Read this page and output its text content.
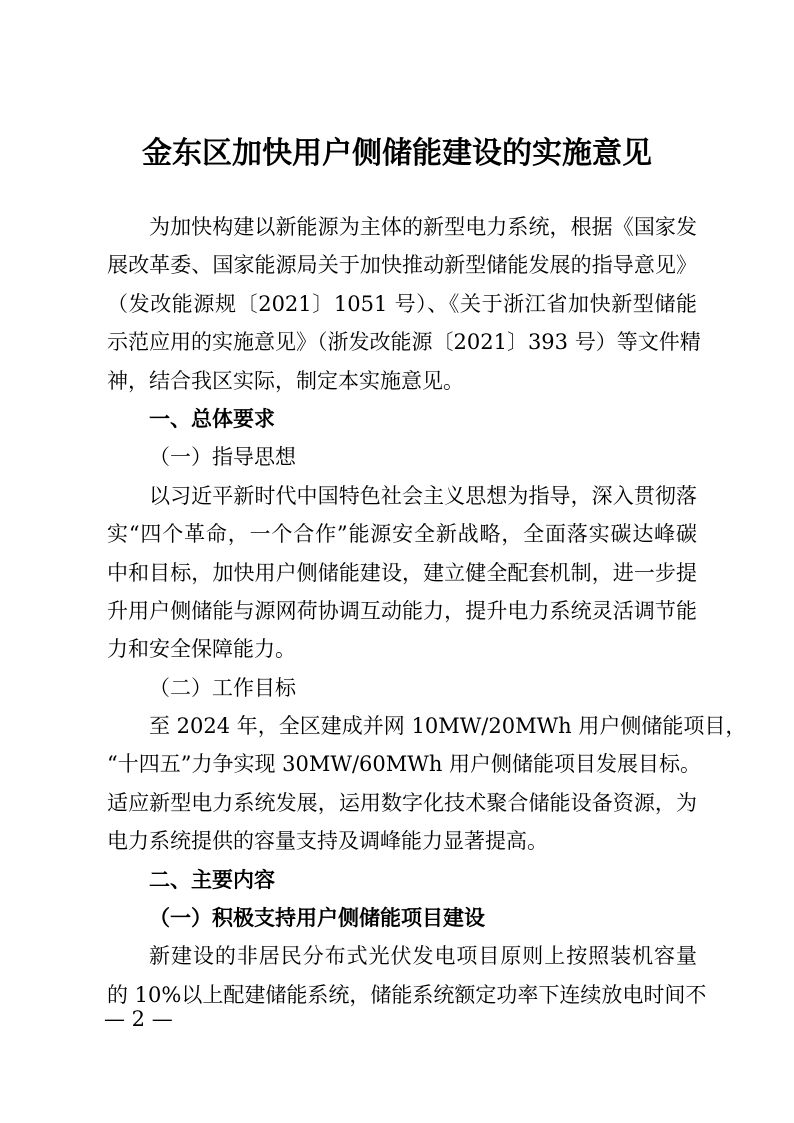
金东区加快用户侧储能建设的实施意见
为加快构建以新能源为主体的新型电力系统，根据《国家发
展改革委、国家能源局关于加快推动新型储能发展的指导意见》
（发改能源规〔2021〕1051 号）、《关于浙江省加快新型储能
示范应用的实施意见》（浙发改能源〔2021〕393 号）等文件精
神，结合我区实际，制定本实施意见。
一、总体要求
（一）指导思想
以习近平新时代中国特色社会主义思想为指导，深入贯彻落
实“四个革命，一个合作”能源安全新战略，全面落实碳达峰碳
中和目标，加快用户侧储能建设，建立健全配套机制，进一步提
升用户侧储能与源网荷协调互动能力，提升电力系统灵活调节能
力和安全保障能力。
（二）工作目标
至 2024 年，全区建成并网 10MW/20MWh 用户侧储能项目，
“十四五”力争实现 30MW/60MWh 用户侧储能项目发展目标。
适应新型电力系统发展，运用数字化技术聚合储能设备资源，为
电力系统提供的容量支持及调峰能力显著提高。
二、主要内容
（一）积极支持用户侧储能项目建设
新建设的非居民分布式光伏发电项目原则上按照装机容量
的 10%以上配建储能系统，储能系统额定功率下连续放电时间不
— 2 —
